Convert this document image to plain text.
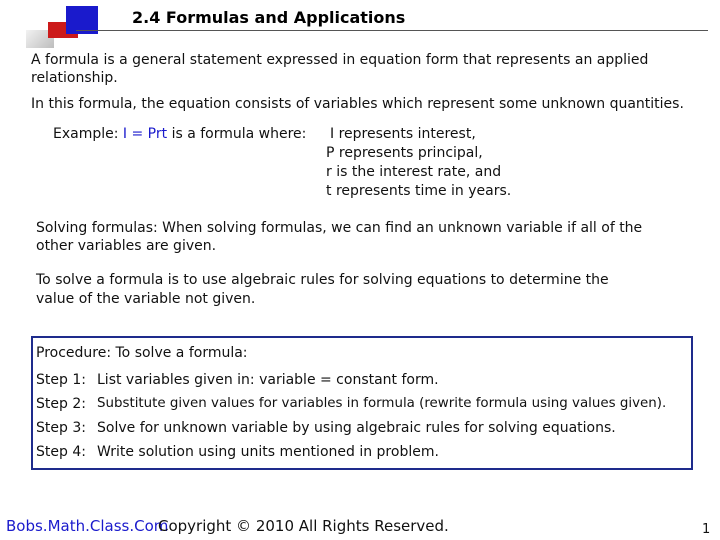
2.4 Formulas and Applications
A formula is a general statement expressed in equation form that represents an applied
relationship.
In this formula, the equation consists of variables which represent some unknown quantities.
Example: I = Prt is a formula where: I represents interest,
P represents principal,
r is the interest rate, and
t represents time in years.
Solving formulas: When solving formulas, we can find an unknown variable if all of the
other variables are given.
To solve a formula is to use algebraic rules for solving equations to determine the
value of the variable not given.
Procedure: To solve a formula:
Step 1: List variables given in: variable = constant form.
Step 2: Substitute given values for variables in formula (rewrite formula using values given).
Step 3: Solve for unknown variable by using algebraic rules for solving equations.
Step 4: Write solution using units mentioned in problem.
Bobs.Math.Class.Com
Copyright © 2010 All Rights Reserved.	1
